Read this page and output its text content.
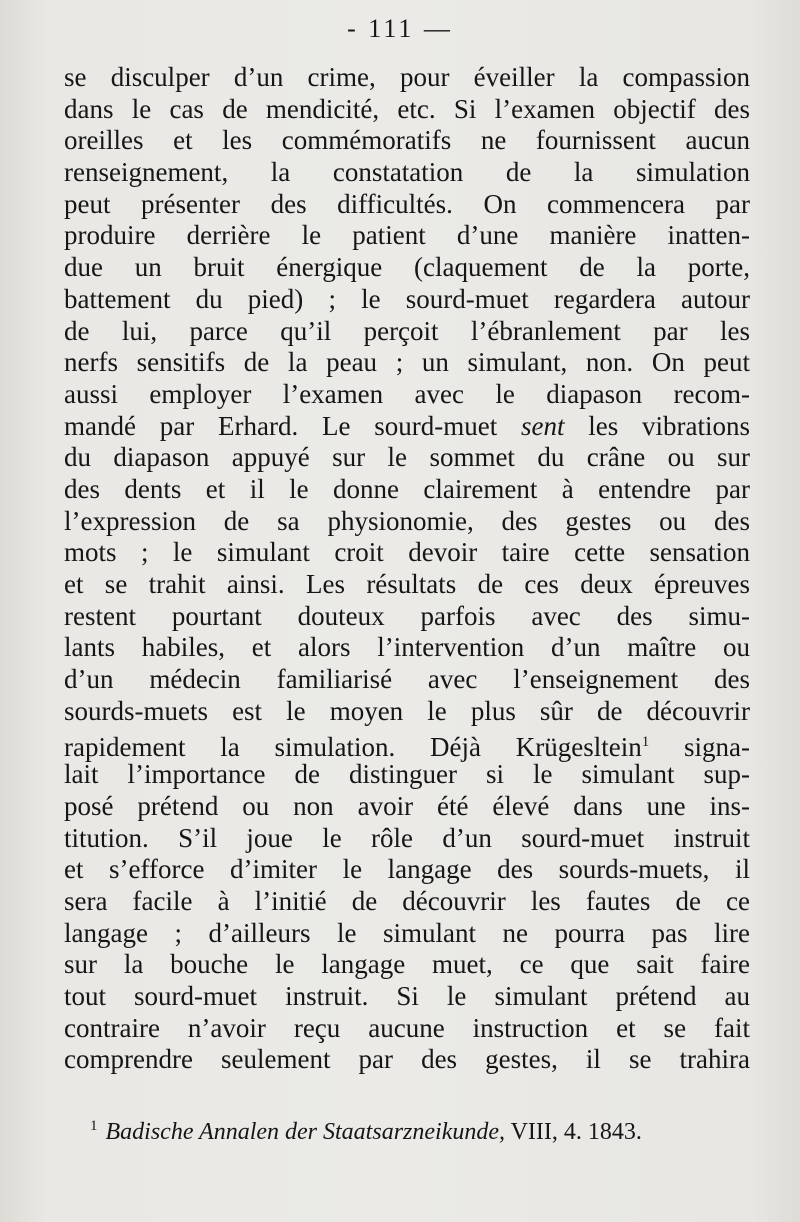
- 111 —
se disculper d’un crime, pour éveiller la compassion
dans le cas de mendicité, etc. Si l’examen objectif des
oreilles et les commémoratifs ne fournissent aucun
renseignement, la constatation de la simulation
peut présenter des difficultés. On commencera par
produire derrière le patient d’une manière inatten-
due un bruit énergique (claquement de la porte,
battement du pied) ; le sourd-muet regardera autour
de lui, parce qu’il perçoit l’ébranlement par les
nerfs sensitifs de la peau ; un simulant, non. On peut
aussi employer l’examen avec le diapason recom-
mandé par Erhard. Le sourd-muet sent les vibrations
du diapason appuyé sur le sommet du crâne ou sur
des dents et il le donne clairement à entendre par
l’expression de sa physionomie, des gestes ou des
mots ; le simulant croit devoir taire cette sensation
et se trahit ainsi. Les résultats de ces deux épreuves
restent pourtant douteux parfois avec des simu-
lants habiles, et alors l’intervention d’un maître ou
d’un médecin familiarisé avec l’enseignement des
sourds-muets est le moyen le plus sûr de découvrir
rapidement la simulation. Déjà Krügesltein$^1$ signa-
lait l’importance de distinguer si le simulant sup-
posé prétend ou non avoir été élevé dans une ins-
titution. S’il joue le rôle d’un sourd-muet instruit
et s’efforce d’imiter le langage des sourds-muets, il
sera facile à l’initié de découvrir les fautes de ce
langage ; d’ailleurs le simulant ne pourra pas lire
sur la bouche le langage muet, ce que sait faire
tout sourd-muet instruit. Si le simulant prétend au
contraire n’avoir reçu aucune instruction et se fait
comprendre seulement par des gestes, il se trahira
$^1$ Badische Annalen der Staatsarzneikunde, VIII, 4. 1843.
